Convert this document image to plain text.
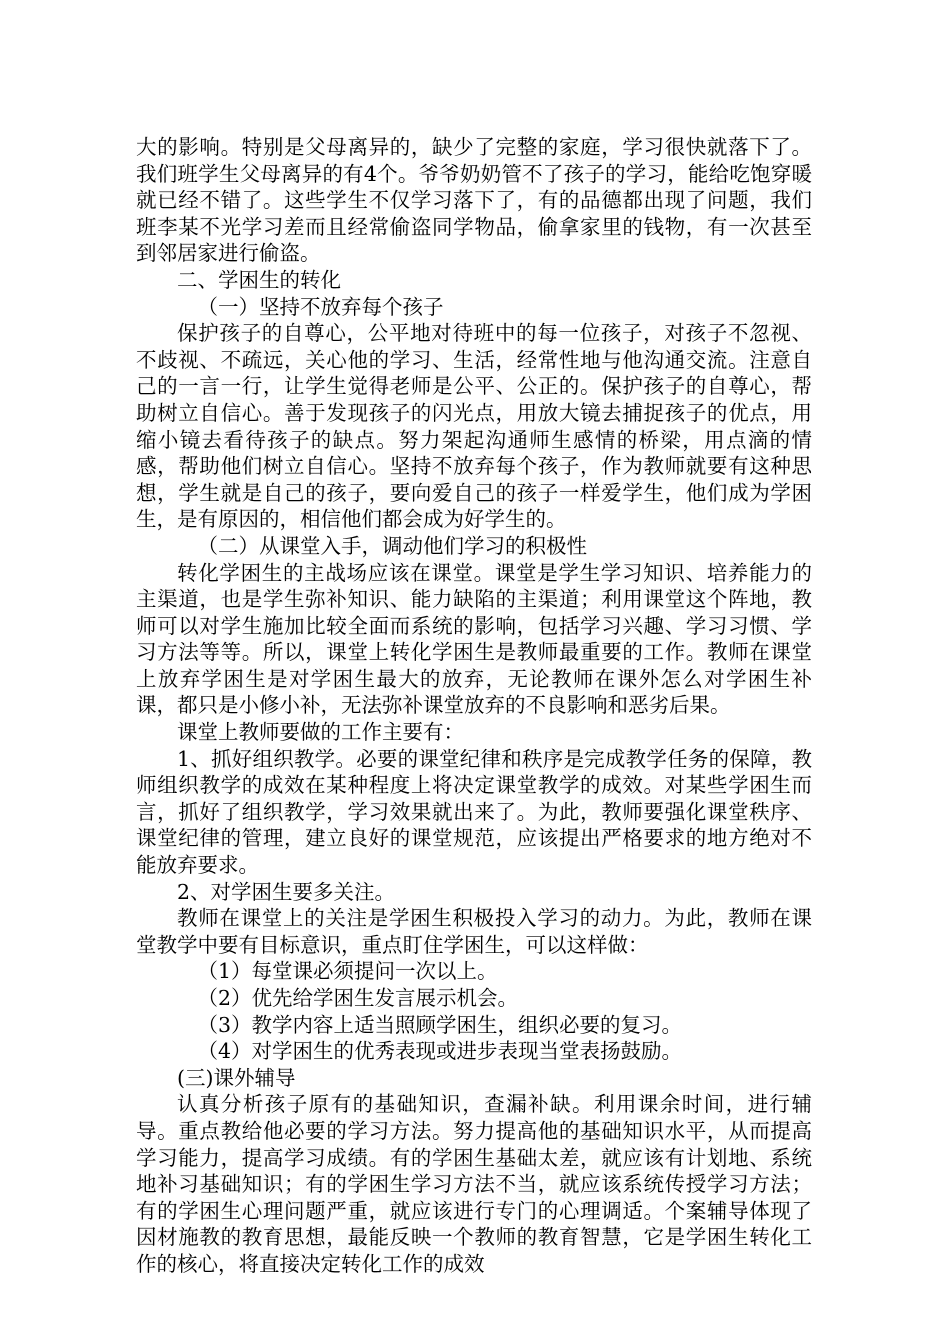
大的影响。特别是父母离异的，缺少了完整的家庭，学习很快就落下了。我们班学生父母离异的有4个。爷爷奶奶管不了孩子的学习，能给吃饱穿暖就已经不错了。这些学生不仅学习落下了，有的品德都出现了问题，我们班李某不光学习差而且经常偷盗同学物品，偷拿家里的钱物，有一次甚至到邻居家进行偷盗。

二、学困生的转化

（一）坚持不放弃每个孩子

保护孩子的自尊心，公平地对待班中的每一位孩子，对孩子不忽视、不歧视、不疏远，关心他的学习、生活，经常性地与他沟通交流。注意自己的一言一行，让学生觉得老师是公平、公正的。保护孩子的自尊心，帮助树立自信心。善于发现孩子的闪光点，用放大镜去捕捉孩子的优点，用缩小镜去看待孩子的缺点。努力架起沟通师生感情的桥梁，用点滴的情感，帮助他们树立自信心。坚持不放弃每个孩子，作为教师就要有这种思想，学生就是自己的孩子，要向爱自己的孩子一样爱学生，他们成为学困生，是有原因的，相信他们都会成为好学生的。

（二）从课堂入手，调动他们学习的积极性

转化学困生的主战场应该在课堂。课堂是学生学习知识、培养能力的主渠道，也是学生弥补知识、能力缺陷的主渠道；利用课堂这个阵地，教师可以对学生施加比较全面而系统的影响，包括学习兴趣、学习习惯、学习方法等等。所以，课堂上转化学困生是教师最重要的工作。教师在课堂上放弃学困生是对学困生最大的放弃，无论教师在课外怎么对学困生补课，都只是小修小补，无法弥补课堂放弃的不良影响和恶劣后果。

课堂上教师要做的工作主要有：

1、抓好组织教学。必要的课堂纪律和秩序是完成教学任务的保障，教师组织教学的成效在某种程度上将决定课堂教学的成效。对某些学困生而言，抓好了组织教学，学习效果就出来了。为此，教师要强化课堂秩序、课堂纪律的管理，建立良好的课堂规范，应该提出严格要求的地方绝对不能放弃要求。

2、对学困生要多关注。

教师在课堂上的关注是学困生积极投入学习的动力。为此，教师在课堂教学中要有目标意识，重点盯住学困生，可以这样做：

（1）每堂课必须提问一次以上。

（2）优先给学困生发言展示机会。

（3）教学内容上适当照顾学困生，组织必要的复习。

（4）对学困生的优秀表现或进步表现当堂表扬鼓励。

(三)课外辅导

认真分析孩子原有的基础知识，查漏补缺。利用课余时间，进行辅导。重点教给他必要的学习方法。努力提高他的基础知识水平，从而提高学习能力，提高学习成绩。有的学困生基础太差，就应该有计划地、系统地补习基础知识；有的学困生学习方法不当，就应该系统传授学习方法；有的学困生心理问题严重，就应该进行专门的心理调适。个案辅导体现了因材施教的教育思想，最能反映一个教师的教育智慧，它是学困生转化工作的核心，将直接决定转化工作的成效
